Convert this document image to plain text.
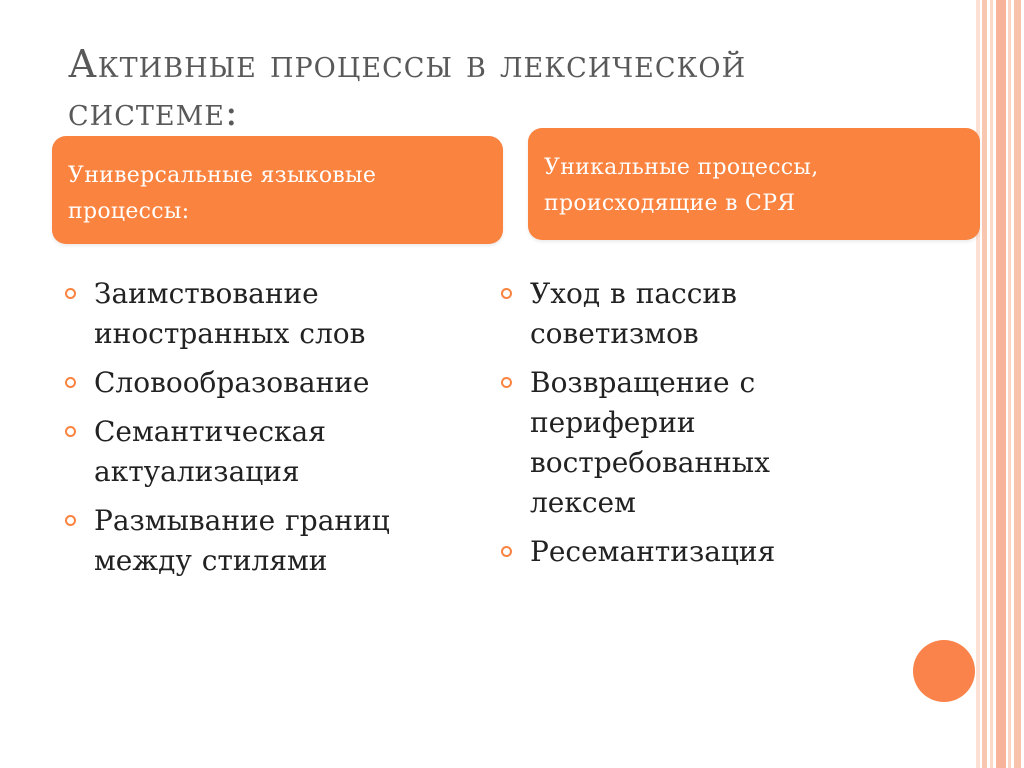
Активные процессы в лексической системе:
Универсальные языковые процессы:
Уникальные процессы, происходящие в СРЯ
Заимствование иностранных слов
Словообразование
Семантическая актуализация
Размывание границ между стилями
Уход в пассив советизмов
Возвращение с периферии востребованных лексем
Ресемантизация
